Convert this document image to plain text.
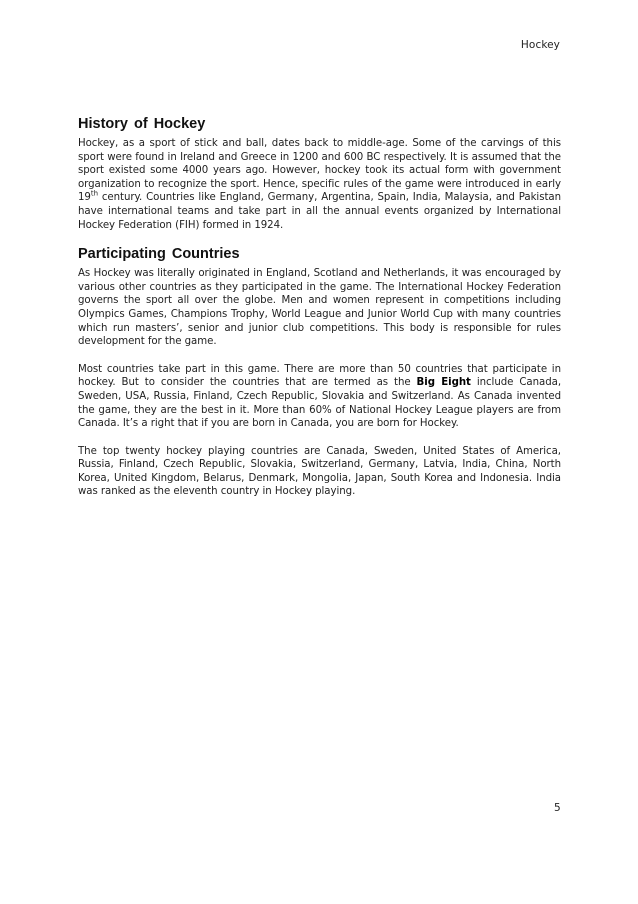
Hockey
History of Hockey

Hockey, as a sport of stick and ball, dates back to middle-age. Some of the carvings of this sport were found in Ireland and Greece in 1200 and 600 BC respectively. It is assumed that the sport existed some 4000 years ago. However, hockey took its actual form with government organization to recognize the sport. Hence, specific rules of the game were introduced in early 19th century. Countries like England, Germany, Argentina, Spain, India, Malaysia, and Pakistan have international teams and take part in all the annual events organized by International Hockey Federation (FIH) formed in 1924.

Participating Countries

As Hockey was literally originated in England, Scotland and Netherlands, it was encouraged by various other countries as they participated in the game. The International Hockey Federation governs the sport all over the globe. Men and women represent in competitions including Olympics Games, Champions Trophy, World League and Junior World Cup with many countries which run masters’, senior and junior club competitions. This body is responsible for rules development for the game.

Most countries take part in this game. There are more than 50 countries that participate in hockey. But to consider the countries that are termed as the Big Eight include Canada, Sweden, USA, Russia, Finland, Czech Republic, Slovakia and Switzerland. As Canada invented the game, they are the best in it. More than 60% of National Hockey League players are from Canada. It’s a right that if you are born in Canada, you are born for Hockey.

The top twenty hockey playing countries are Canada, Sweden, United States of America, Russia, Finland, Czech Republic, Slovakia, Switzerland, Germany, Latvia, India, China, North Korea, United Kingdom, Belarus, Denmark, Mongolia, Japan, South Korea and Indonesia. India was ranked as the eleventh country in Hockey playing.

5
